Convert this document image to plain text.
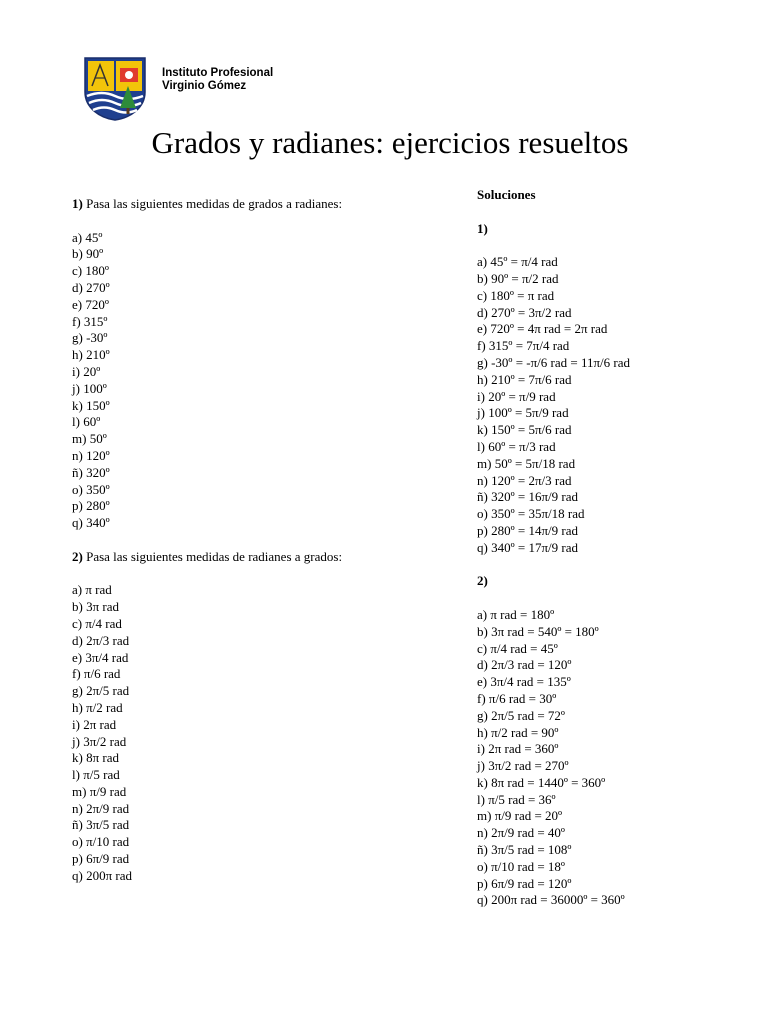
Instituto Profesional
Virginio Gómez
Grados y radianes: ejercicios resueltos
1) Pasa las siguientes medidas de grados a radianes:
a) 45º
b) 90º
c) 180º
d) 270º
e) 720º
f) 315º
g) -30º
h) 210º
i) 20º
j) 100º
k) 150º
l) 60º
m) 50º
n) 120º
ñ) 320º
o) 350º
p) 280º
q) 340º
2) Pasa las siguientes medidas de radianes a grados:
a) π rad
b) 3π rad
c) π/4 rad
d) 2π/3 rad
e) 3π/4 rad
f) π/6 rad
g) 2π/5 rad
h) π/2 rad
i) 2π rad
j) 3π/2 rad
k) 8π rad
l) π/5 rad
m) π/9 rad
n) 2π/9 rad
ñ) 3π/5 rad
o) π/10 rad
p) 6π/9 rad
q) 200π rad
Soluciones
1)
a) 45º = π/4 rad
b) 90º = π/2 rad
c) 180º = π rad
d) 270º = 3π/2 rad
e) 720º = 4π rad = 2π rad
f) 315º = 7π/4 rad
g) -30º = -π/6 rad = 11π/6 rad
h) 210º = 7π/6 rad
i) 20º = π/9 rad
j) 100º = 5π/9 rad
k) 150º = 5π/6 rad
l) 60º = π/3 rad
m) 50º = 5π/18 rad
n) 120º = 2π/3 rad
ñ) 320º = 16π/9 rad
o) 350º = 35π/18 rad
p) 280º = 14π/9 rad
q) 340º = 17π/9 rad
2)
a) π rad = 180º
b) 3π rad = 540º = 180º
c) π/4 rad = 45º
d) 2π/3 rad = 120º
e) 3π/4 rad = 135º
f) π/6 rad = 30º
g) 2π/5 rad = 72º
h) π/2 rad = 90º
i) 2π rad = 360º
j) 3π/2 rad = 270º
k) 8π rad = 1440º = 360º
l) π/5 rad = 36º
m) π/9 rad = 20º
n) 2π/9 rad = 40º
ñ) 3π/5 rad = 108º
o) π/10 rad = 18º
p) 6π/9 rad = 120º
q) 200π rad = 36000º = 360º
